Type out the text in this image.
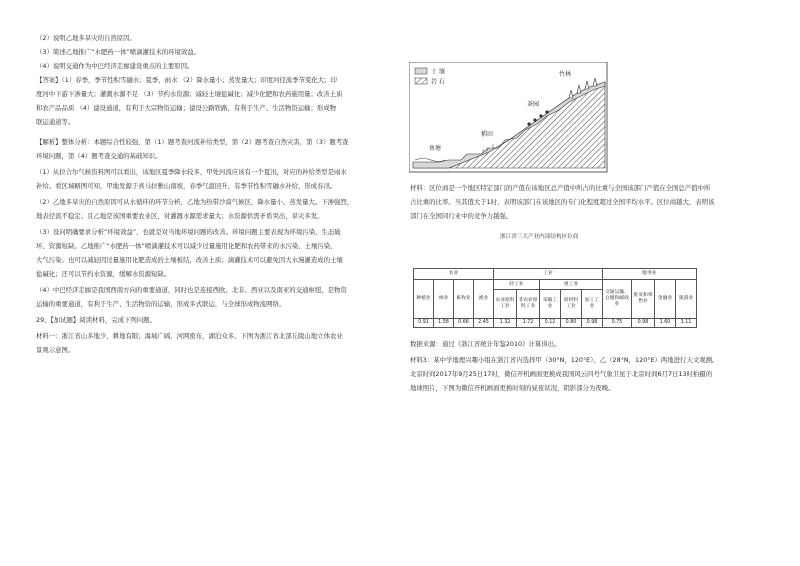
（2）说明乙地多旱灾的自然原因。
（3）简述乙地推广“水肥药一体”喷滴灌技术的环境效益。
（4）说明交通作为中巴经济走廊建设重点的主要原因。
【答案】（1）春季，季节性积雪融水；夏季，雨水 （2）降水量小；蒸发量大；印度河径流季节变化大；印
度河中下游下渗量大；灌溉水源不足 （3）节约水资源；减轻土壤盐碱化；减少化肥和农药施用量；改善土质
和农产品品质 （4）建设通道，有利于大宗物资运输；建设公路铁路，有利于生产、生活物资运输；形成物
联运通道等。
【解析】整体分析：本题综合性较强，第（1）题考查河流补给类型，第（2）题考查自然灾害，第（3）题考查
环境问题，第（4）题考查交通的基础知识。
（1）从拉合尔气候资料图可以看出，该地区夏季降水较多，甲处河流应该有一个夏汛，对应的补给类型是雨水
补给。看区域略图可知，甲地发源于喜马拉雅山南坡，春季气温回升，有季节性积雪融水补给，形成春汛。
（2）乙地多旱灾的自然原因可从水循环的环节分析，乙地为热带沙漠气候区，降水量小、蒸发量大。下渗强烈，
地表径流不稳定；且乙地是该国重要农业区，对灌溉水源需求量大；水资源供需矛盾突出，旱灾多发。
（3）设问明确要求分析“环境效益”，也就是对当地环境问题的改善。环境问题主要表现为环境污染、生态破
坏、资源短缺。乙地推广“水肥药一体”喷滴灌技术可以减少过量施用化肥和农药带来的水污染、土壤污染、
大气污染；也可以减轻因过量施用化肥造成的土壤板结，改善土质；滴灌技术可以避免因大水漫灌造成的土壤
盐碱化；还可以节约水资源，缓解水资源短缺。
（4）中巴经济走廊是我国西南方向的重要通道，同时也是连接西欧、北非、西亚以及南亚的交通枢纽，是物资
运输的重要通道，有利于生产、生活物资的运输，形成多式联运，与全球形成物流网络。
29、【加试题】阅读材料，完成下列问题。
材料一：浙江省山多地少，耕地有限；海域广阔，河网密布，湖泊众多。下图为浙江省北部丘陵山地立体农业
景观示意图。
土 壤
岩 石
竹林
茶园
稻田
鱼塘
材料：区位商是一个地区特定部门的产值在该地区总产值中所占的比重与全国该部门产值在全国总产值中所
占比重的比率。当其值大于1时，表明该部门在该地区的专门化程度超过全国平均水平。区位商越大，表明该
部门在全国同行业中的竞争力越强。
浙江省三大产业内部结构区位商
农业				工业					服务业			
种植业	林业	畜牧业	渔业	轻工业		重工业			交通运输、仓储和邮政业	批发和零售业	金融业	旅游业
				农业原料工业	非农业原料工业	采掘工业	原材料工业	加工工业				
0.91	1.58	0.66	2.45	1.32	1.72	0.12	0.80	0.98	0.75	0.98	1.60	3.11
数据来源：通过《浙江省统计年鉴2010》计算得出。
材料3：某中学地理兴趣小组在浙江省内选择甲（30°N，120°E）、乙（28°N，120°E）两地进行天文观测。
北京时间2017年9月25日17时，微信开机画面更换成我国风云四号气象卫星于北京时间6月7日13时拍摄的
地球照片，下图为微信开机画面更换时刻的昼夜状况，阴影部分为夜晚。
